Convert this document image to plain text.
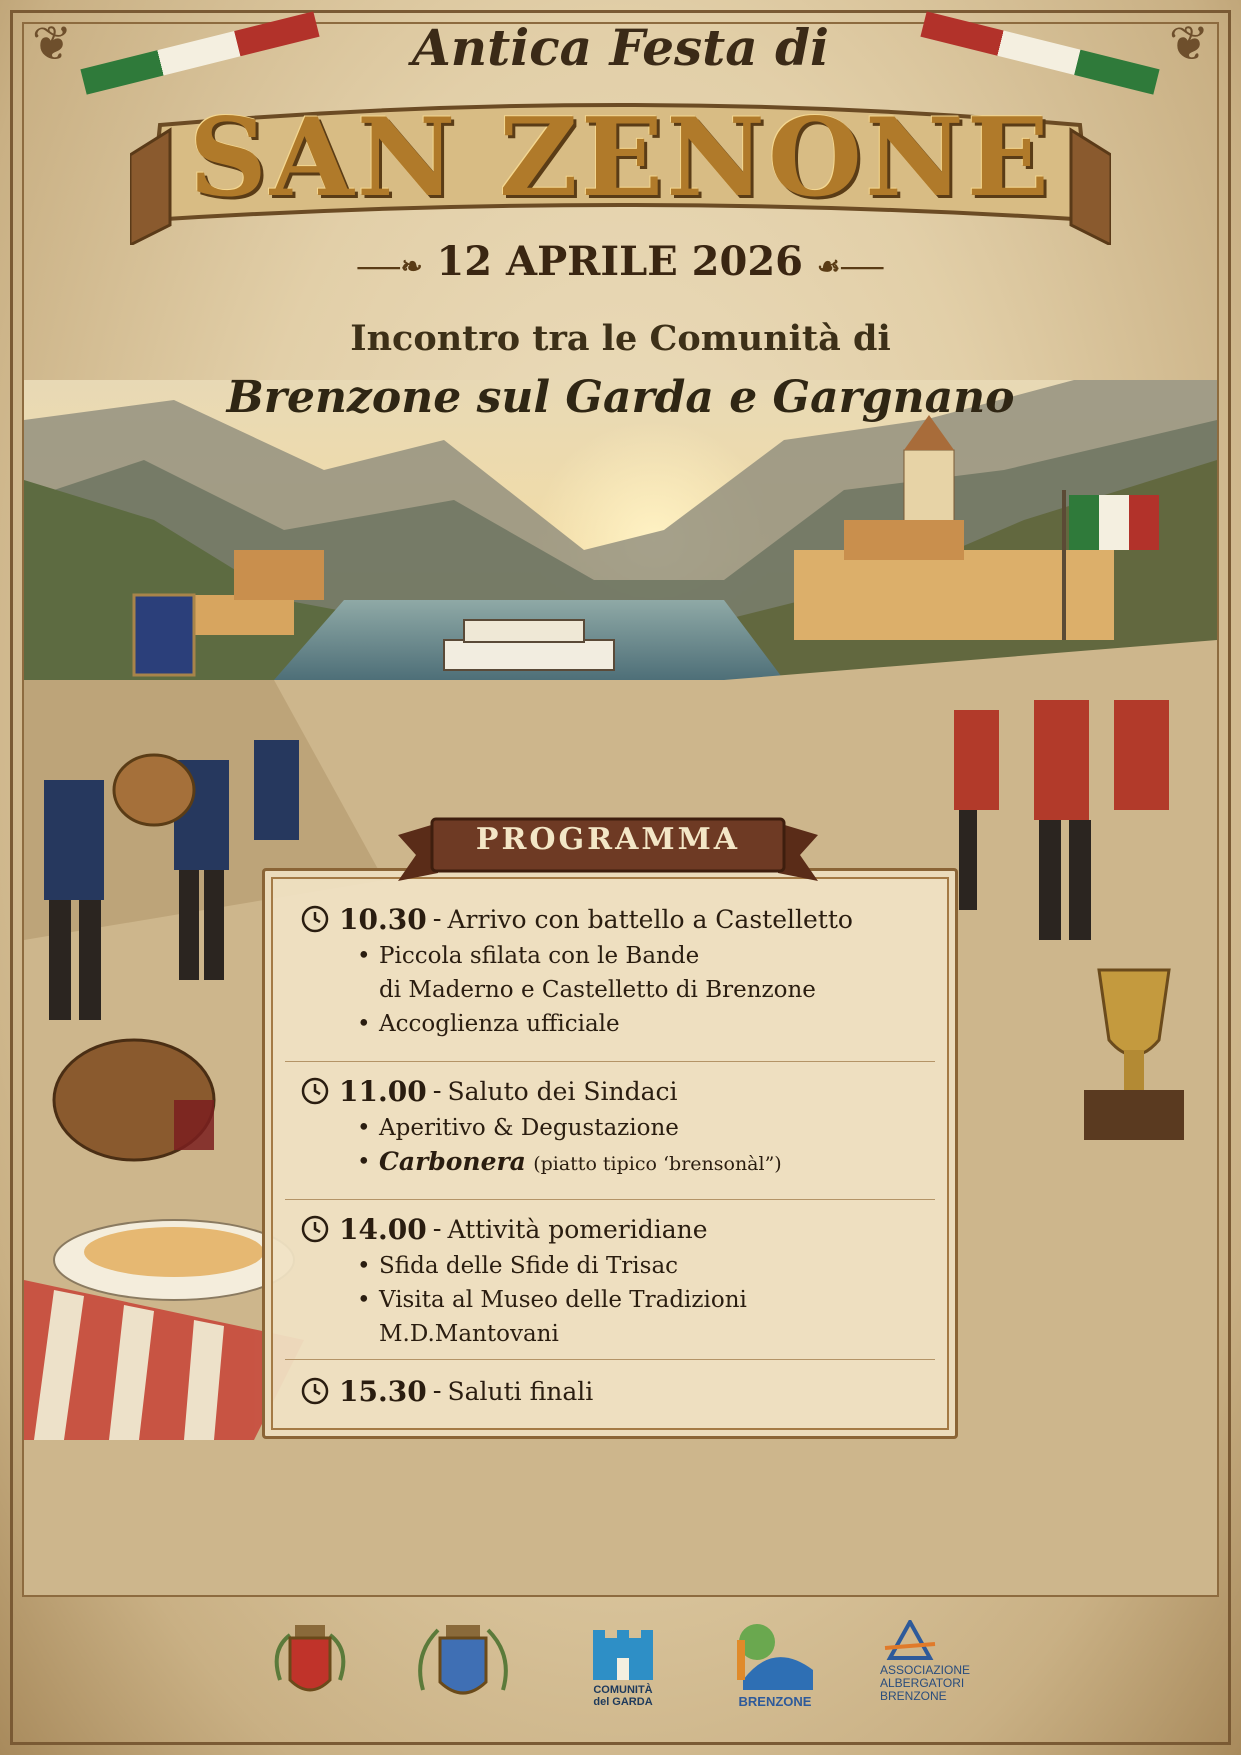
❦	❦
Antica Festa di
SAN ZENONE
⸺❧ 12 APRILE 2026 ☙⸺
Incontro tra le Comunità di
Brenzone sul Garda e Gargnano
10.30 - Arrivo con battello a Castelletto
• Piccola sfilata con le Bande
di Maderno e Castelletto di Brenzone
• Accoglienza ufficiale
11.00 - Saluto dei Sindaci
• Aperitivo & Degustazione
• Carbonera (piatto tipico ‘brensonàl”)
14.00 - Attività pomeridiane
• Sfida delle Sfide di Trisac
• Visita al Museo delle Tradizioni
M.D.Mantovani
15.30 - Saluti finali
PROGRAMMA
COMUNITÀ
del GARDA	BRENZONE
ASSOCIAZIONE
ALBERGATORI
BRENZONE
